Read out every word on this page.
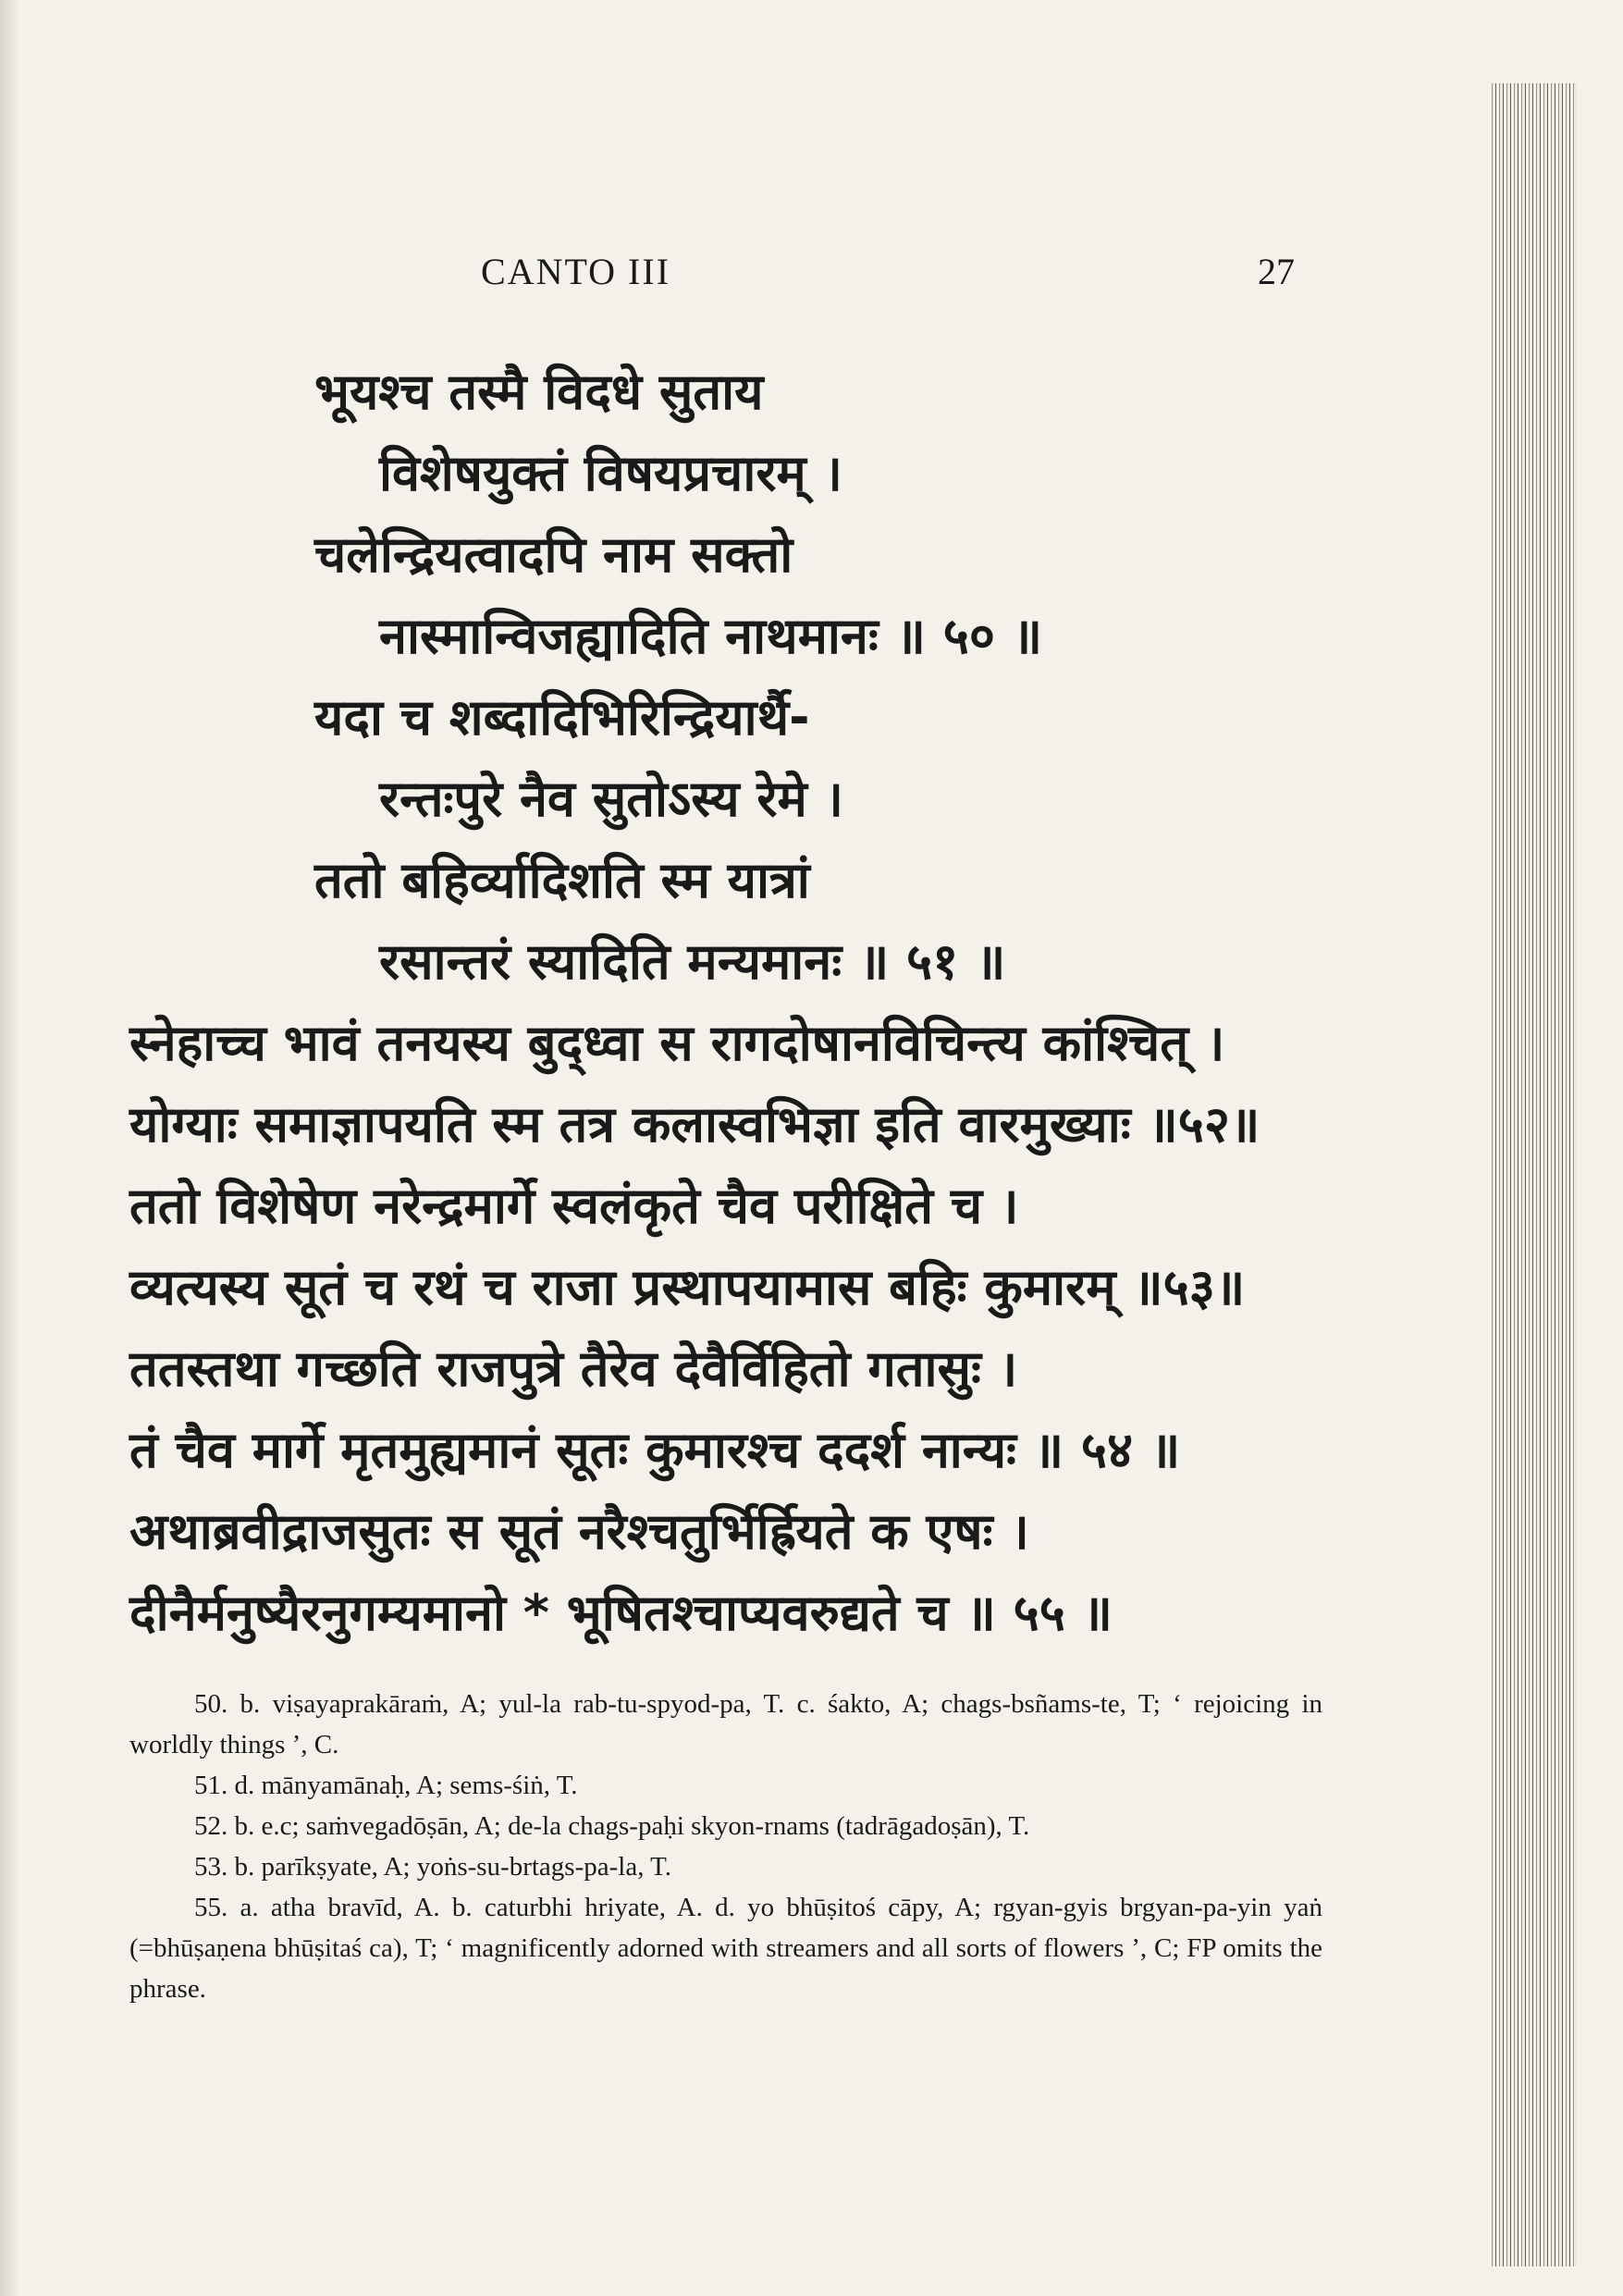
CANTO III	27
भूयश्च तस्मै विदधे सुताय
विशेषयुक्तं विषयप्रचारम् ।
चलेन्द्रियत्वादपि नाम सक्तो
नास्मान्विजह्यादिति नाथमानः ॥ ५० ॥
यदा च शब्दादिभिरिन्द्रियार्थै-
रन्तःपुरे नैव सुतोऽस्य रेमे ।
ततो बहिर्व्यादिशति स्म यात्रां
रसान्तरं स्यादिति मन्यमानः ॥ ५१ ॥
स्नेहाच्च भावं तनयस्य बुद्ध्वा स रागदोषानविचिन्त्य कांश्चित् ।
योग्याः समाज्ञापयति स्म तत्र कलास्वभिज्ञा इति वारमुख्याः ॥५२॥
ततो विशेषेण नरेन्द्रमार्गे स्वलंकृते चैव परीक्षिते च ।
व्यत्यस्य सूतं च रथं च राजा प्रस्थापयामास बहिः कुमारम् ॥५३॥
ततस्तथा गच्छति राजपुत्रे तैरेव देवैर्विहितो गतासुः ।
तं चैव मार्गे मृतमुह्यमानं सूतः कुमारश्च ददर्श नान्यः ॥ ५४ ॥
अथाब्रवीद्राजसुतः स सूतं नरैश्चतुर्भिर्ह्रियते क एषः ।
दीनैर्मनुष्यैरनुगम्यमानो * भूषितश्चाप्यवरुद्यते च ॥ ५५ ॥

50. b. viṣayaprakāraṁ, A; yul-la rab-tu-spyod-pa, T. c. śakto, A; chags-bsñams-te, T; ‘ rejoicing in worldly things ’, C.

51. d. mānyamānaḥ, A; sems-śiṅ, T.

52. b. e.c; saṁvegadōṣān, A; de-la chags-paḥi skyon-rnams (tadrāgadoṣān), T.

53. b. parīkṣyate, A; yoṅs-su-brtags-pa-la, T.

55. a. atha bravīd, A. b. caturbhi hriyate, A. d. yo bhūṣitoś cāpy, A; rgyan-gyis brgyan-pa-yin yaṅ (=bhūṣaṇena bhūṣitaś ca), T; ‘ magnificently adorned with streamers and all sorts of flowers ’, C; FP omits the phrase.
